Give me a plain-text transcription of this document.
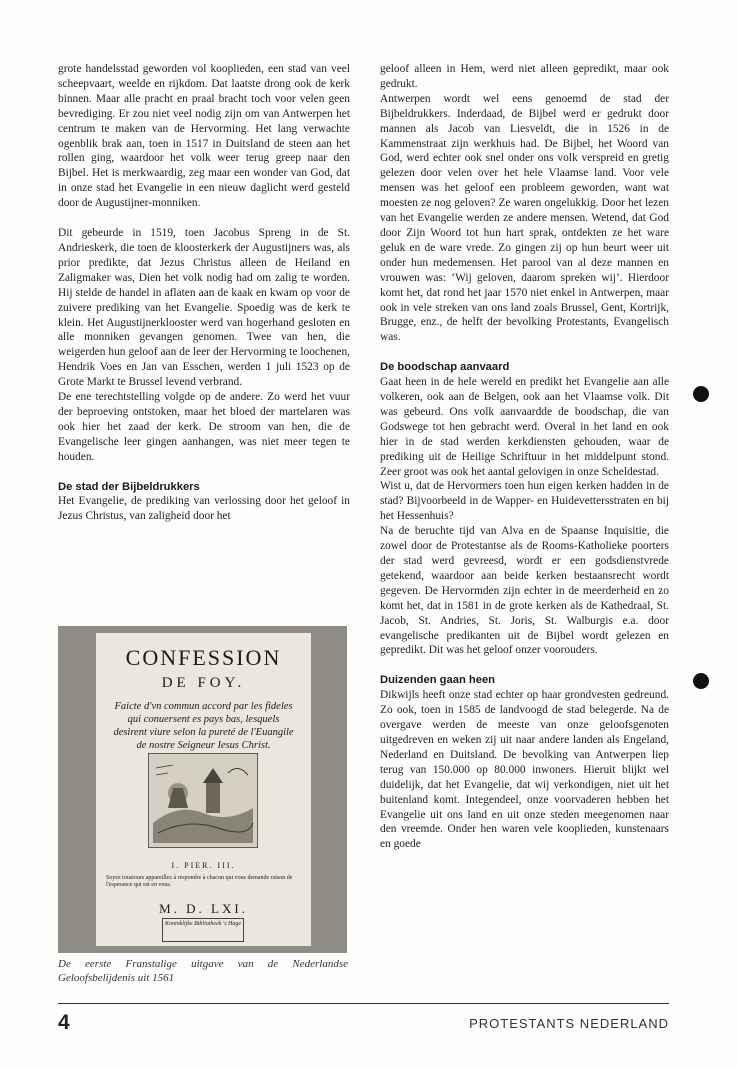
grote handelsstad geworden vol kooplieden, een stad van veel scheepvaart, weelde en rijkdom. Dat laatste drong ook de kerk binnen. Maar alle pracht en praal bracht toch voor velen geen bevrediging. Er zou niet veel nodig zijn om van Antwerpen het centrum te maken van de Hervorming. Het lang verwachte ogenblik brak aan, toen in 1517 in Duitsland de steen aan het rollen ging, waardoor het volk weer terug greep naar den Bijbel. Het is merkwaardig, zeg maar een wonder van God, dat in onze stad het Evangelie in een nieuw daglicht werd gesteld door de Augustijner-monniken.

Dit gebeurde in 1519, toen Jacobus Spreng in de St. Andrieskerk, die toen de kloosterkerk der Augustijners was, als prior predikte, dat Jezus Christus alleen de Heiland en Zaligmaker was, Dien het volk nodig had om zalig te worden. Hij stelde de handel in aflaten aan de kaak en kwam op voor de zuivere prediking van het Evangelie. Spoedig was de kerk te klein. Het Augustijnerklooster werd van hogerhand gesloten en alle monniken gevangen genomen. Twee van hen, die weigerden hun geloof aan de leer der Hervorming te loochenen, Hendrik Voes en Jan van Esschen, werden 1 juli 1523 op de Grote Markt te Brussel levend verbrand.

De ene terechtstelling volgde op de andere. Zo werd het vuur der beproeving ontstoken, maar het bloed der martelaren was ook hier het zaad der kerk. De stroom van hen, die de Evangelische leer gingen aanhangen, was niet meer tegen te houden.

De stad der Bijbeldrukkers

Het Evangelie, de prediking van verlossing door het geloof in Jezus Christus, van zaligheid door het

CONFESSION
DE FOY.
Faicte d'vn commun accord par les fideles qui conuersent es pays bas, lesquels desirent viure selon la pureté de l'Euangile de nostre Seigneur Iesus Christ.
I. PIER. III.
Soyez tousiours appareillez à respondre à chacun qui vous demande raison de l'esperance qui est en vous.
M. D. LXI.
Koninklijke Bibliotheek 's Hage
De eerste Franstalige uitgave van de Nederlandse Geloofsbelijdenis uit 1561

geloof alleen in Hem, werd niet alleen gepredikt, maar ook gedrukt.

Antwerpen wordt wel eens genoemd de stad der Bijbeldrukkers. Inderdaad, de Bijbel werd er gedrukt door mannen als Jacob van Liesveldt, die in 1526 in de Kammenstraat zijn werkhuis had. De Bijbel, het Woord van God, werd echter ook snel onder ons volk verspreid en gretig gelezen door velen over het hele Vlaamse land. Voor vele mensen was het geloof een probleem geworden, want wat moesten ze nog geloven? Ze waren ongelukkig. Door het lezen van het Evangelie werden ze andere mensen. Wetend, dat God door Zijn Woord tot hun hart sprak, ontdekten ze het ware geluk en de ware vrede. Zo gingen zij op hun beurt weer uit onder hun medemensen. Het parool van al deze mannen en vrouwen was: ‘Wij geloven, daarom spreken wij’. Hierdoor komt het, dat rond het jaar 1570 niet enkel in Antwerpen, maar ook in vele streken van ons land zoals Brussel, Gent, Kortrijk, Brugge, enz., de helft der bevolking Protestants, Evangelisch was.

De boodschap aanvaard

Gaat heen in de hele wereld en predikt het Evangelie aan alle volkeren, ook aan de Belgen, ook aan het Vlaamse volk. Dit was gebeurd. Ons volk aanvaardde de boodschap, die van Godswege tot hen gebracht werd. Overal in het land en ook hier in de stad werden kerkdiensten gehouden, waar de prediking uit de Heilige Schriftuur in het middelpunt stond. Zeer groot was ook het aantal gelovigen in onze Scheldestad.

Wist u, dat de Hervormers toen hun eigen kerken hadden in de stad? Bijvoorbeeld in de Wapper- en Huidevettersstraten en bij het Hessenhuis?

Na de beruchte tijd van Alva en de Spaanse Inquisitie, die zowel door de Protestantse als de Rooms-Katholieke poorters der stad werd gevreesd, wordt er een godsdienstvrede getekend, waardoor aan beide kerken bestaansrecht wordt gegeven. De Hervormden zijn echter in de meerderheid en zo komt het, dat in 1581 in de grote kerken als de Kathedraal, St. Jacob, St. Andries, St. Joris, St. Walburgis e.a. door evangelische predikanten uit de Bijbel wordt gelezen en gepredikt. Dit was het geloof onzer voorouders.

Duizenden gaan heen

Dikwijls heeft onze stad echter op haar grondvesten gedreund. Zo ook, toen in 1585 de landvoogd de stad belegerde. Na de overgave werden de meeste van onze geloofsgenoten uitgedreven en weken zij uit naar andere landen als Engeland, Nederland en Duitsland. De bevolking van Antwerpen liep terug van 150.000 op 80.000 inwoners. Hieruit blijkt wel duidelijk, dat het Evangelie, dat wij verkondigen, niet uit het buitenland komt. Integendeel, onze voorvaderen hebben het Evangelie uit ons land en uit onze steden meegenomen naar den vreemde. Onder hen waren vele kooplieden, kunstenaars en goede

4	PROTESTANTS NEDERLAND
